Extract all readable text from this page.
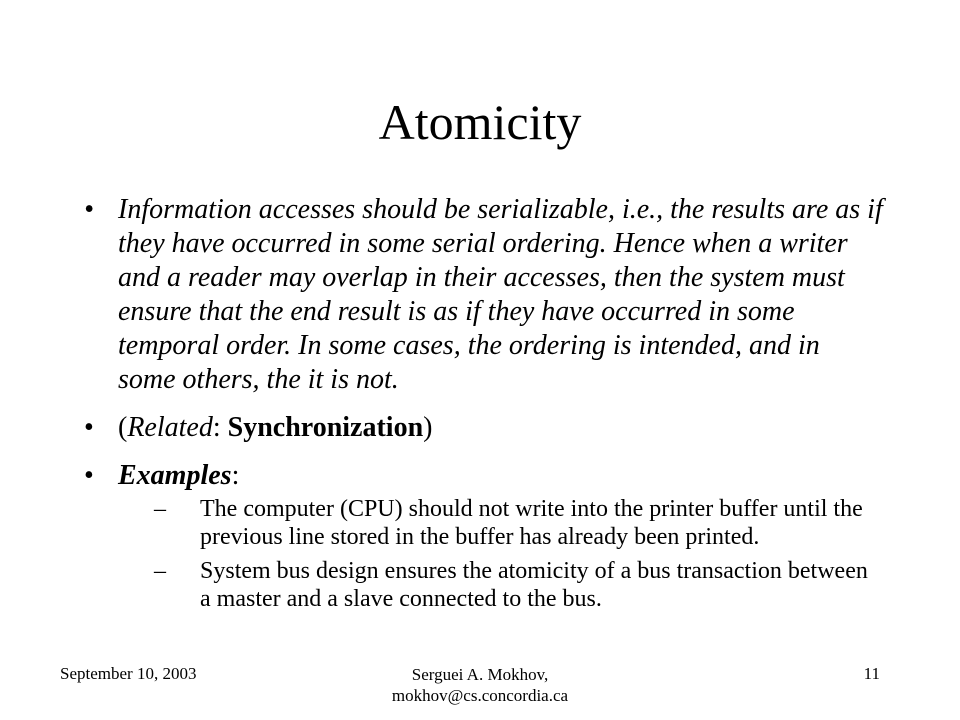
Atomicity
• Information accesses should be serializable, i.e., the results are as if they have occurred in some serial ordering. Hence when a writer and a reader may overlap in their accesses, then the system must ensure that the end result is as if they have occurred in some temporal order. In some cases, the ordering is intended, and in some others, the it is not.
• (Related: Synchronization)
• Examples:
– The computer (CPU) should not write into the printer buffer until the previous line stored in the buffer has already been printed.
– System bus design ensures the atomicity of a bus transaction between a master and a slave connected to the bus.
September 10, 2003	Serguei A. Mokhov,
mokhov@cs.concordia.ca
11
